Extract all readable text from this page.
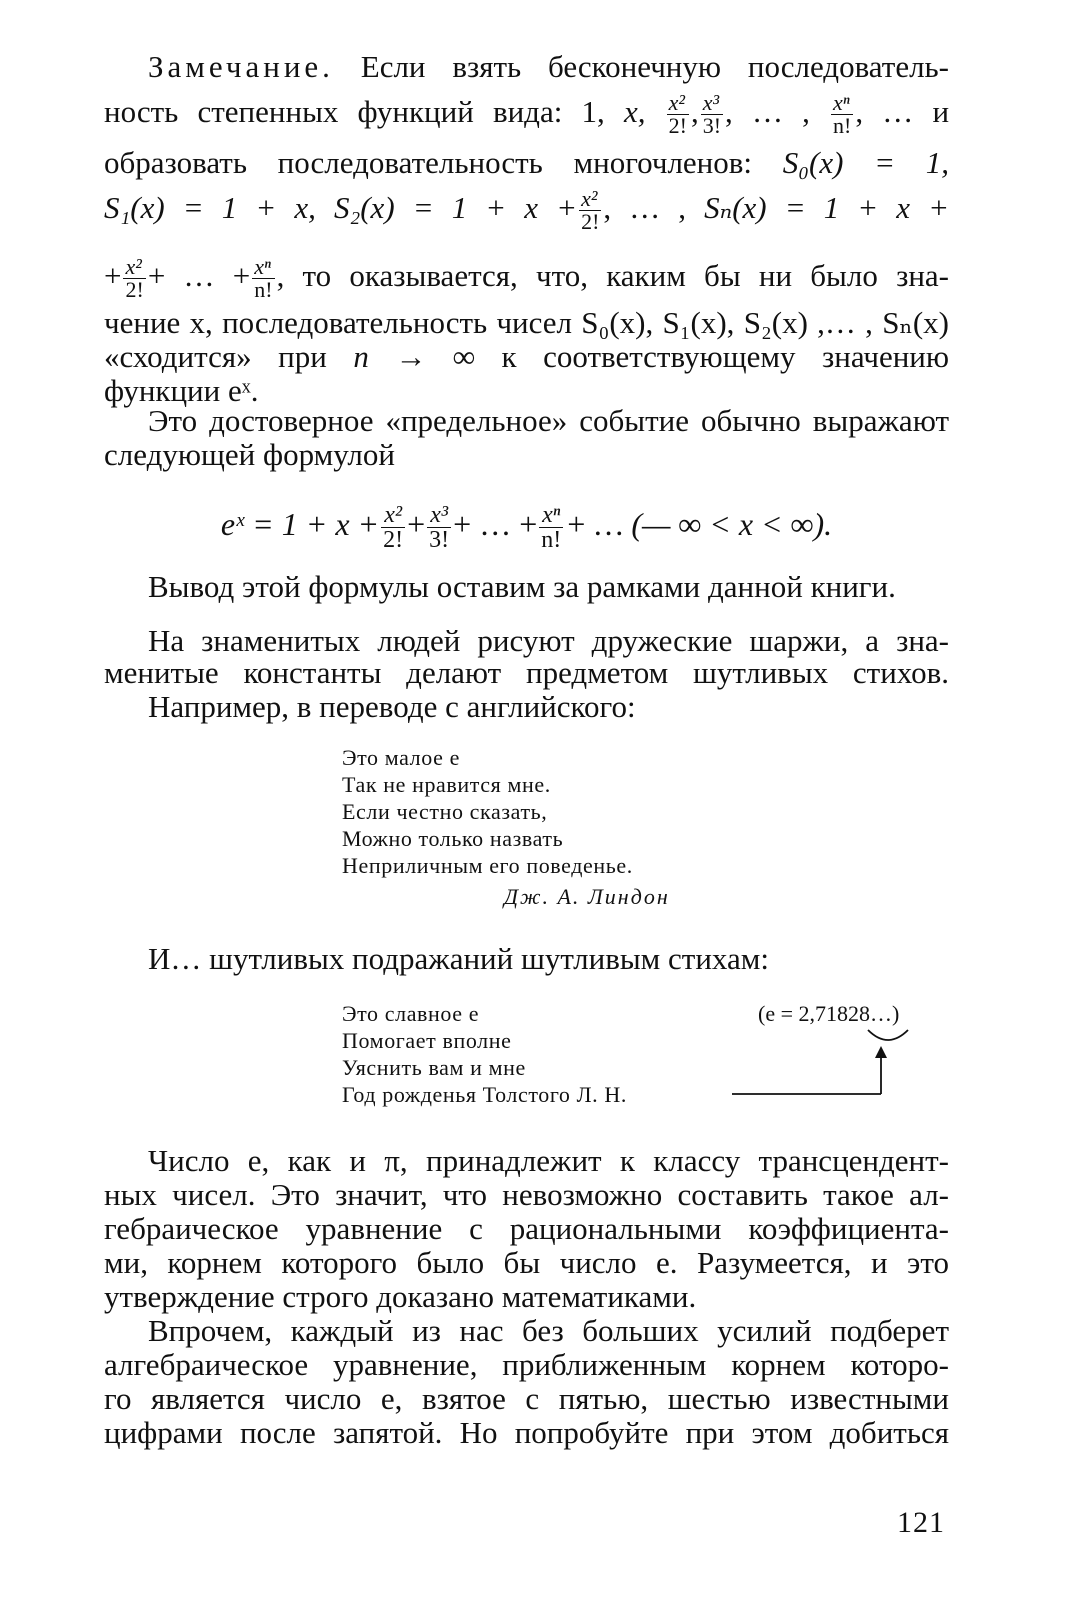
Замечание. Если взять бесконечную последователь-
ность степенных функций вида: 1, x, $\frac{\text{x²}}{2!}$ , $\frac{\text{x³}}{3!}$ , … , $\frac{\text{xⁿ}}{n!}$ , … и
образовать последовательность многочленов: S₀(x) = 1,
S₁(x) = 1 + x, $S_2(x) = 1 + x + \frac{\text{x²}}{2!}$ , … , Sₙ(x) = 1 + x +
+ $\frac{\text{x²}}{2!}$ + … + $\frac{\text{xⁿ}}{n!}$ , то оказывается, что, каким бы ни было зна-
чение x, последовательность чисел S₀(x), S₁(x), S₂(x) ,… , Sₙ(x)
«сходится» при n → ∞ к соответствующему значению
функции eˣ.
Это достоверное «предельное» событие обычно выражают
следующей формулой
eˣ = $1 + x + \frac{\text{x²}}{2!} + \frac{\text{x³}}{3!}$ + … + $\frac{\text{xⁿ}}{n!}$ + … (— ∞ < x < ∞).
Вывод этой формулы оставим за рамками данной книги.
На знаменитых людей рисуют дружеские шаржи, а зна-
менитые константы делают предметом шутливых стихов.
Например, в переводе с английского:
Это малое e
Так не нравится мне.
Если честно сказать,
Можно только назвать
Неприличным его поведенье.
Дж. А. Линдон
И… шутливых подражаний шутливым стихам:
Это славное e
Помогает вполне
Уяснить вам и мне
Год рожденья Толстого Л. Н.
(e = 2,71828…)
Число e, как и π, принадлежит к классу трансцендент-
ных чисел. Это значит, что невозможно составить такое ал-
гебраическое уравнение с рациональными коэффициента-
ми, корнем которого было бы число e. Разумеется, и это
утверждение строго доказано математиками.
Впрочем, каждый из нас без больших усилий подберет
алгебраическое уравнение, приближенным корнем которо-
го является число e, взятое с пятью, шестью известными
цифрами после запятой. Но попробуйте при этом добиться
121
